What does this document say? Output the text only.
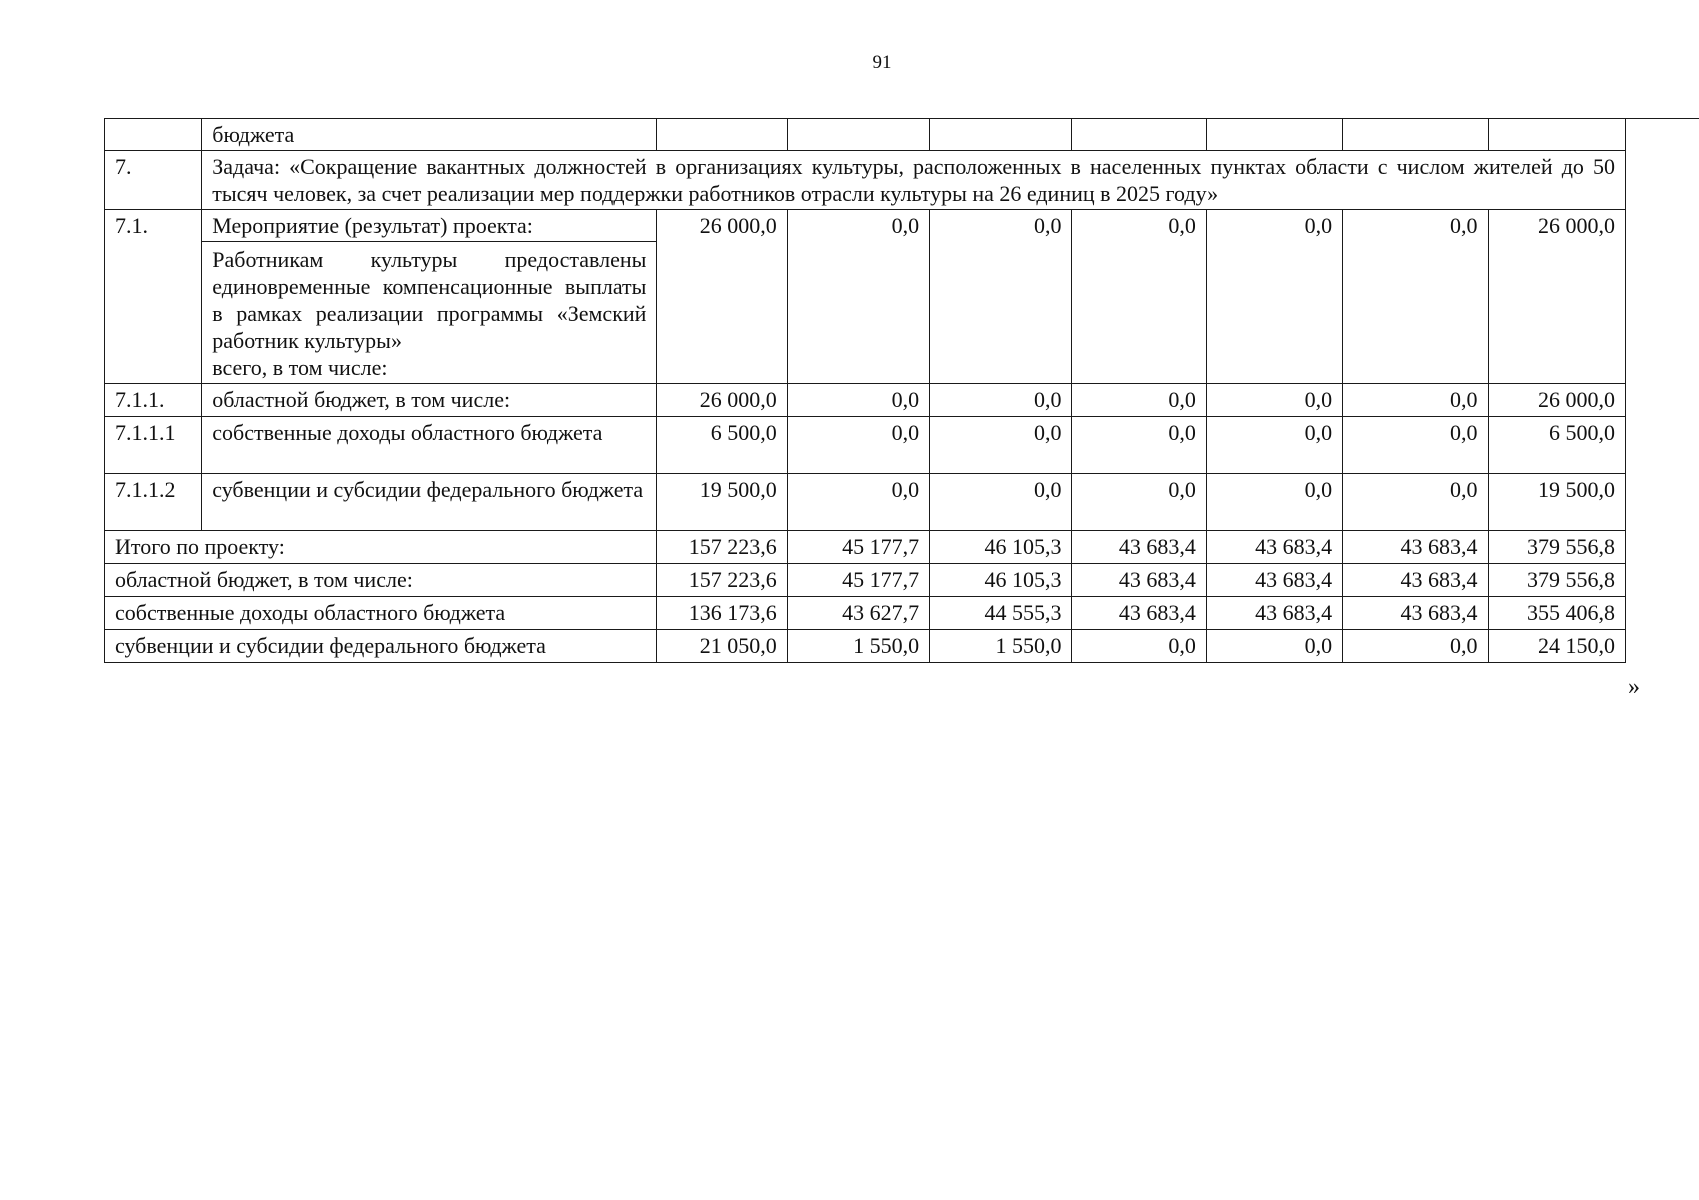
91
	бюджета							
7.	Задача: «Сокращение вакантных должностей в организациях культуры, расположенных в населенных пунктах области с числом жителей до 50 тысяч человек, за счет реализации мер поддержки работников отрасли культуры на 26 единиц в 2025 году»							
7.1.	Мероприятие (результат) проекта:	26 000,0	0,0	0,0	0,0	0,0	0,0	26 000,0

	Работникам культуры предоставлены единовременные компенсационные выплаты в рамках реализации программы «Земский работник культуры»
всего, в том числе:							

7.1.1.	областной бюджет, в том числе:	26 000,0	0,0	0,0	0,0	0,0	0,0	26 000,0
7.1.1.1	собственные доходы областного бюджета	6 500,0	0,0	0,0	0,0	0,0	0,0	6 500,0
7.1.1.2	субвенции и субсидии федерального бюджета	19 500,0	0,0	0,0	0,0	0,0	0,0	19 500,0
Итого по проекту:		157 223,6	45 177,7	46 105,3	43 683,4	43 683,4	43 683,4	379 556,8
областной бюджет, в том числе:		157 223,6	45 177,7	46 105,3	43 683,4	43 683,4	43 683,4	379 556,8
собственные доходы областного бюджета		136 173,6	43 627,7	44 555,3	43 683,4	43 683,4	43 683,4	355 406,8
субвенции и субсидии федерального бюджета		21 050,0	1 550,0	1 550,0	0,0	0,0	0,0	24 150,0
»
